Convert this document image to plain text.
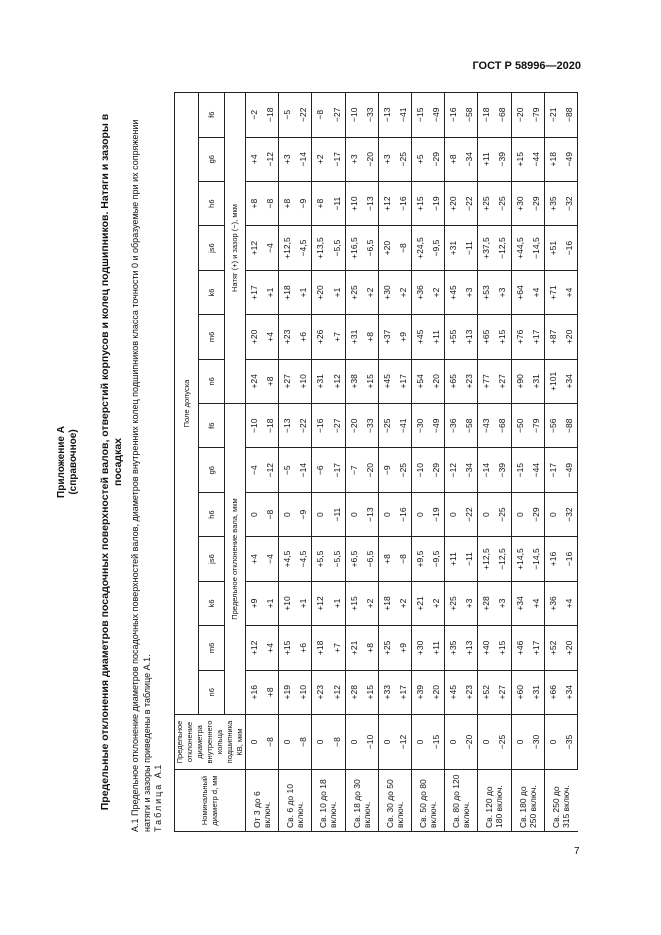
ГОСТ Р 58996—2020
7
Приложение А (справочное) Предельные отклонения диаметров посадочных поверхностей валов, отверстий корпусов и колец подшипников. Натяги и зазоры в посадках А.1 Предельное отклонение диаметров посадочных поверхностей валов, диаметров внутренних колец подшипников класса точности 0 и образуемые при их сопряжении натяги и зазоры приведены в таблице А.1. Таблица А.1
Номинальный диаметр d, мм	Предельное отклонение диаметра внутреннего кольца подшипника КВ, мкм	Поле допуска													
		n6	m6	k6	js6	h6	g6	f6	n6	m6	k6	js6	h6	g6	f6
		Предельное отклонение вала, мкм							Натяг (+) и зазор (−), мкм						
От 3 до 6 включ.	0	+16	+12	+9	+4	0	−4	−10	+24	+20	+17	+12	+8	+4	−2
	−8	+8	+4	+1	−4	−8	−12	−18	+8	+4	+1	−4	−8	−12	−18
Св. 6 до 10 включ.	0	+19	+15	+10	+4,5	0	−5	−13	+27	+23	+18	+12,5	+8	+3	−5
	−8	+10	+6	+1	−4,5	−9	−14	−22	+10	+6	+1	−4,5	−9	−14	−22
Св. 10 до 18 включ.	0	+23	+18	+12	+5,5	0	−6	−16	+31	+26	+20	+13,5	+8	+2	−8
	−8	+12	+7	+1	−5,5	−11	−17	−27	+12	+7	+1	−5,5	−11	−17	−27
Св. 18 до 30 включ.	0	+28	+21	+15	+6,5	0	−7	−20	+38	+31	+25	+16,5	+10	+3	−10
	−10	+15	+8	+2	−6,5	−13	−20	−33	+15	+8	+2	−6,5	−13	−20	−33
Св. 30 до 50 включ.	0	+33	+25	+18	+8	0	−9	−25	+45	+37	+30	+20	+12	+3	−13
	−12	+17	+9	+2	−8	−16	−25	−41	+17	+9	+2	−8	−16	−25	−41
Св. 50 до 80 включ.	0	+39	+30	+21	+9,5	0	−10	−30	+54	+45	+36	+24,5	+15	+5	−15
	−15	+20	+11	+2	−9,5	−19	−29	−49	+20	+11	+2	−9,5	−19	−29	−49
Св. 80 до 120 включ.	0	+45	+35	+25	+11	0	−12	−36	+65	+55	+45	+31	+20	+8	−16
	−20	+23	+13	+3	−11	−22	−34	−58	+23	+13	+3	−11	−22	−34	−58
Св. 120 до 180 включ.	0	+52	+40	+28	+12,5	0	−14	−43	+77	+65	+53	+37,5	+25	+11	−18
	−25	+27	+15	+3	−12,5	−25	−39	−68	+27	+15	+3	−12,5	−25	−39	−68
Св. 180 до 250 включ.	0	+60	+46	+34	+14,5	0	−15	−50	+90	+76	+64	+44,5	+30	+15	−20
	−30	+31	+17	+4	−14,5	−29	−44	−79	+31	+17	+4	−14,5	−29	−44	−79
Св. 250 до 315 включ.	0	+66	+52	+36	+16	0	−17	−56	+101	+87	+71	+51	+35	+18	−21
	−35	+34	+20	+4	−16	−32	−49	−88	+34	+20	+4	−16	−32	−49	−88
